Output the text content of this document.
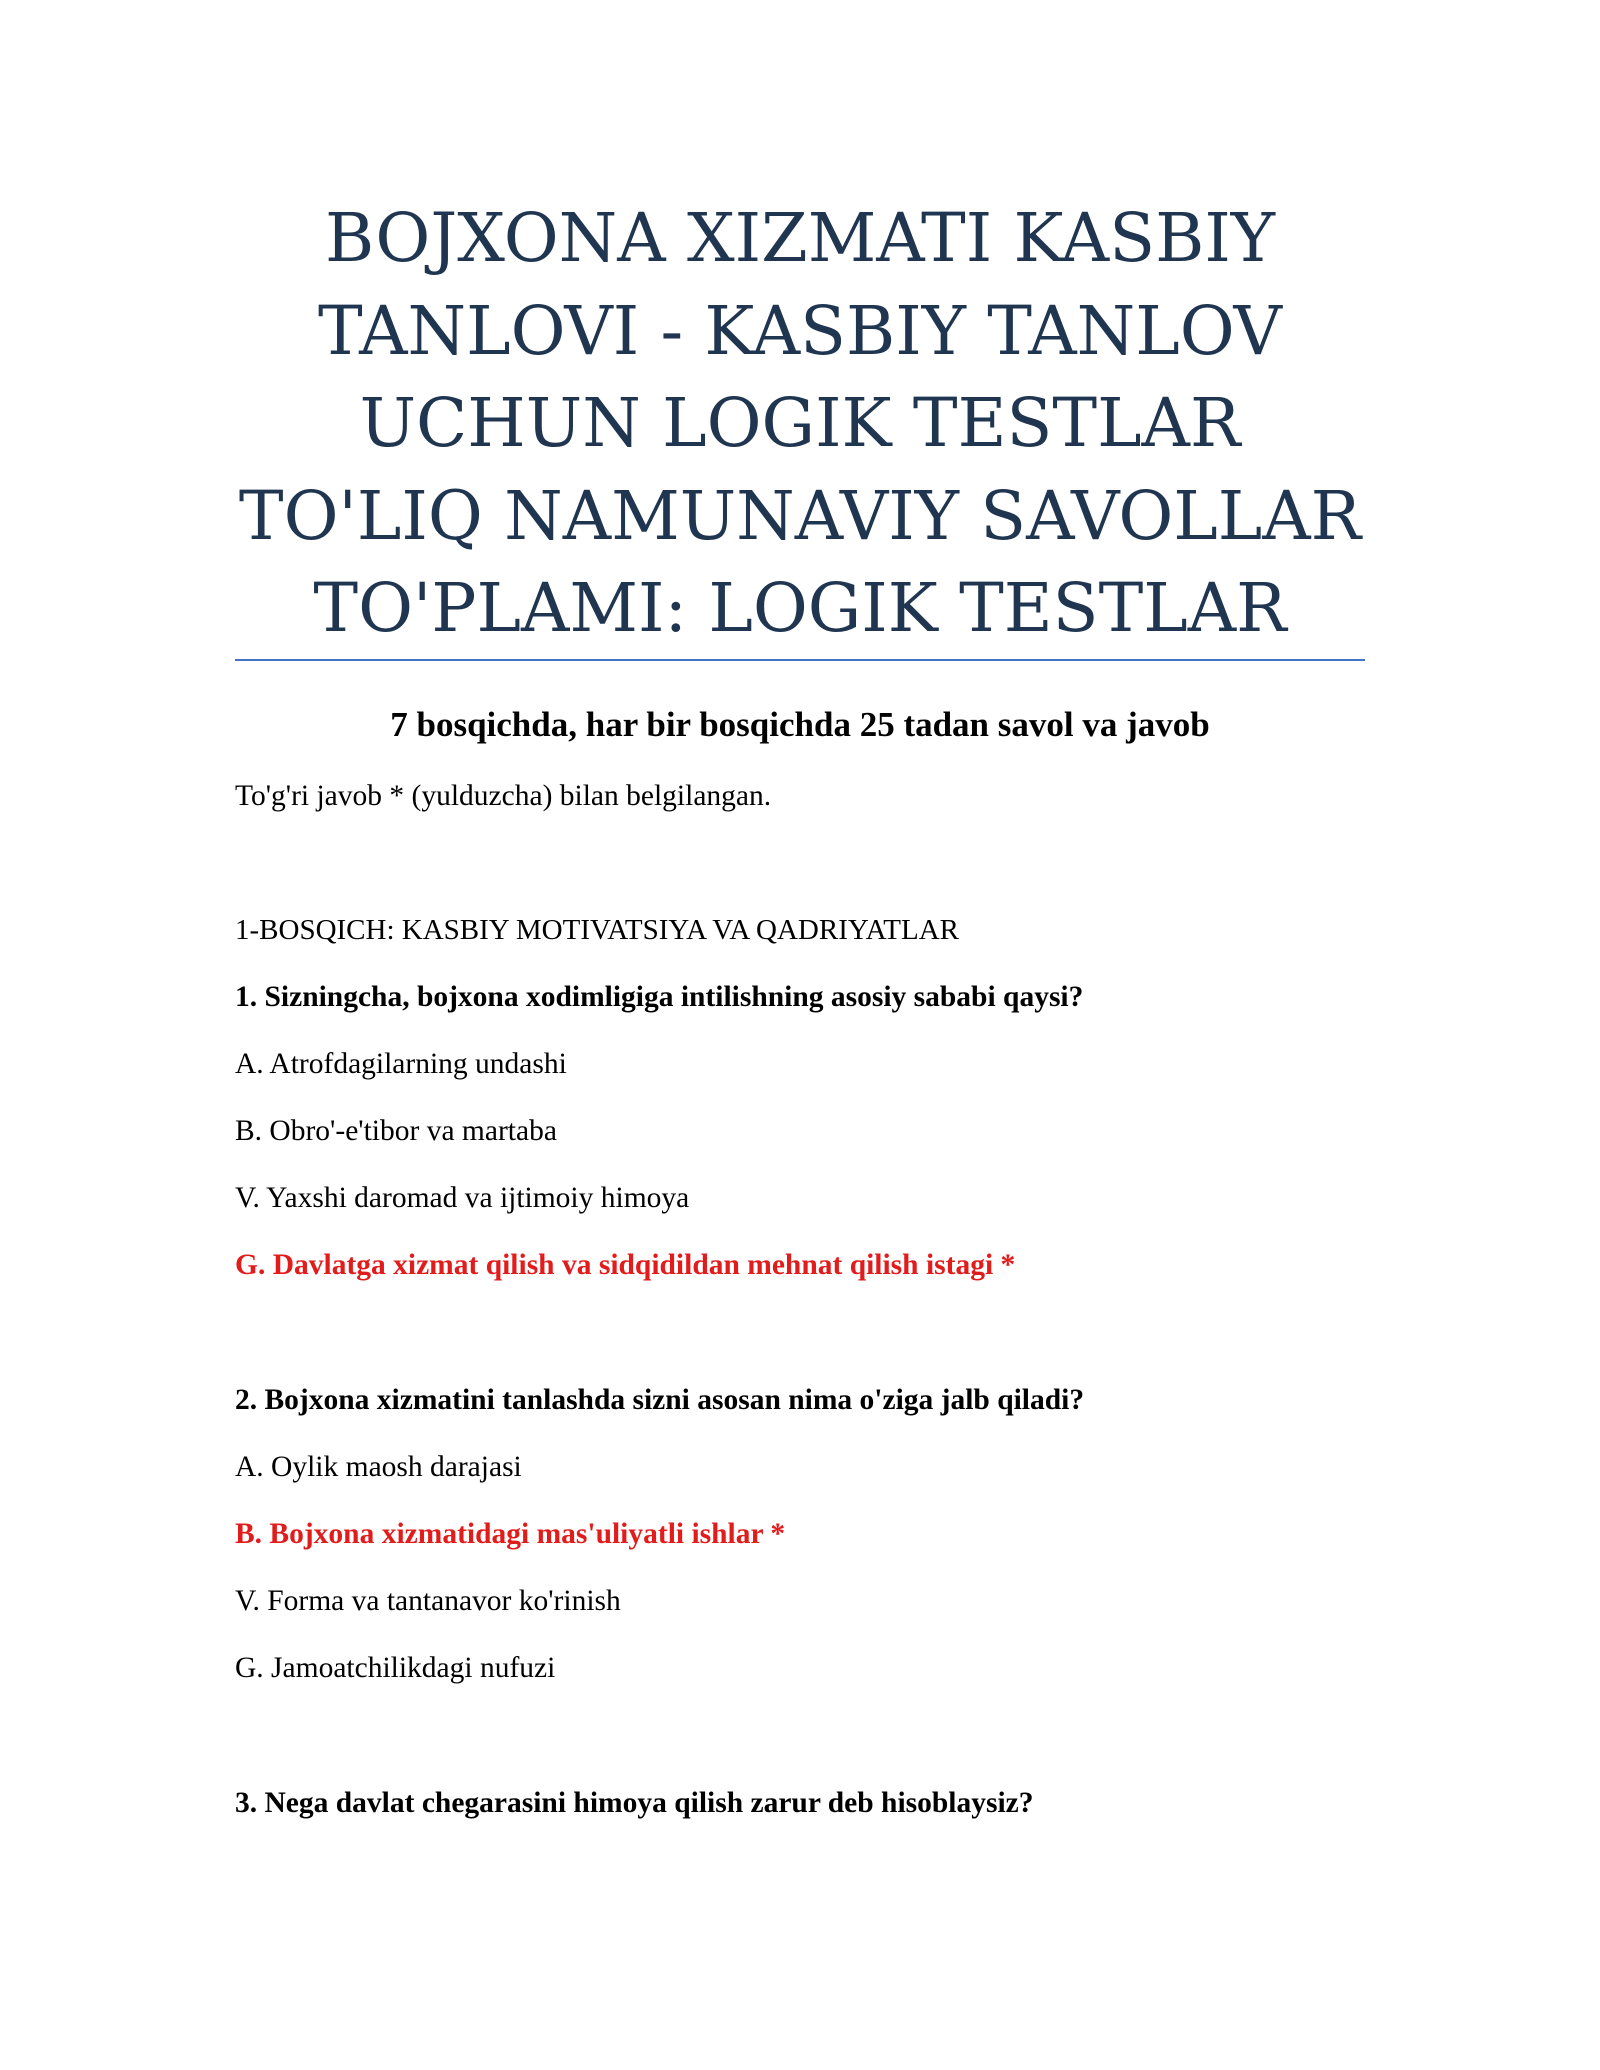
BOJXONA XIZMATI KASBIY
TANLOVI - KASBIY TANLOV
UCHUN LOGIK TESTLAR
TO'LIQ NAMUNAVIY SAVOLLAR
TO'PLAMI: LOGIK TESTLAR
7 bosqichda, har bir bosqichda 25 tadan savol va javob
To'g'ri javob * (yulduzcha) bilan belgilangan.
1-BOSQICH: KASBIY MOTIVATSIYA VA QADRIYATLAR
1. Sizningcha, bojxona xodimligiga intilishning asosiy sababi qaysi?
A. Atrofdagilarning undashi
B. Obro'-e'tibor va martaba
V. Yaxshi daromad va ijtimoiy himoya
G. Davlatga xizmat qilish va sidqidildan mehnat qilish istagi *
2. Bojxona xizmatini tanlashda sizni asosan nima o'ziga jalb qiladi?
A. Oylik maosh darajasi
B. Bojxona xizmatidagi mas'uliyatli ishlar *
V. Forma va tantanavor ko'rinish
G. Jamoatchilikdagi nufuzi
3. Nega davlat chegarasini himoya qilish zarur deb hisoblaysiz?
